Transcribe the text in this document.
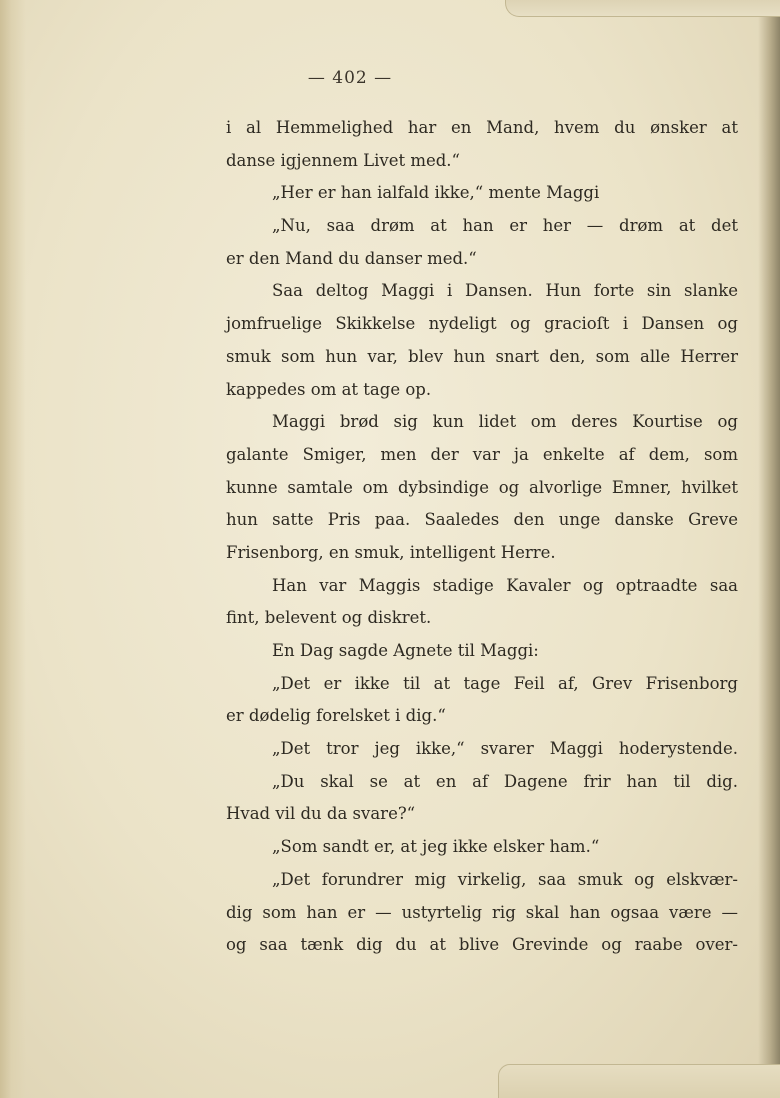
— 402 —
i al Hemmelighed har en Mand, hvem du ønsker at
danse igjennem Livet med.“
„Her er han ialfald ikke,“ mente Maggi
„Nu, saa drøm at han er her — drøm at det
er den Mand du danser med.“
Saa deltog Maggi i Dansen. Hun forte sin slanke
jomfruelige Skikkelse nydeligt og gracioſt i Dansen og
smuk som hun var, blev hun snart den, som alle Herrer
kappedes om at tage op.
Maggi brød sig kun lidet om deres Kourtise og
galante Smiger, men der var ja enkelte af dem, som
kunne samtale om dybsindige og alvorlige Emner, hvilket
hun satte Pris paa. Saaledes den unge danske Greve
Frisenborg, en smuk, intelligent Herre.
Han var Maggis stadige Kavaler og optraadte saa
fint, belevent og diskret.
En Dag sagde Agnete til Maggi:
„Det er ikke til at tage Feil af, Grev Frisenborg
er dødelig forelsket i dig.“
„Det tror jeg ikke,“ svarer Maggi hoderystende.
„Du skal se at en af Dagene frir han til dig.
Hvad vil du da svare?“
„Som sandt er, at jeg ikke elsker ham.“
„Det forundrer mig virkelig, saa smuk og elskvær-
dig som han er — ustyrtelig rig skal han ogsaa være —
og saa tænk dig du at blive Grevinde og raabe over-
